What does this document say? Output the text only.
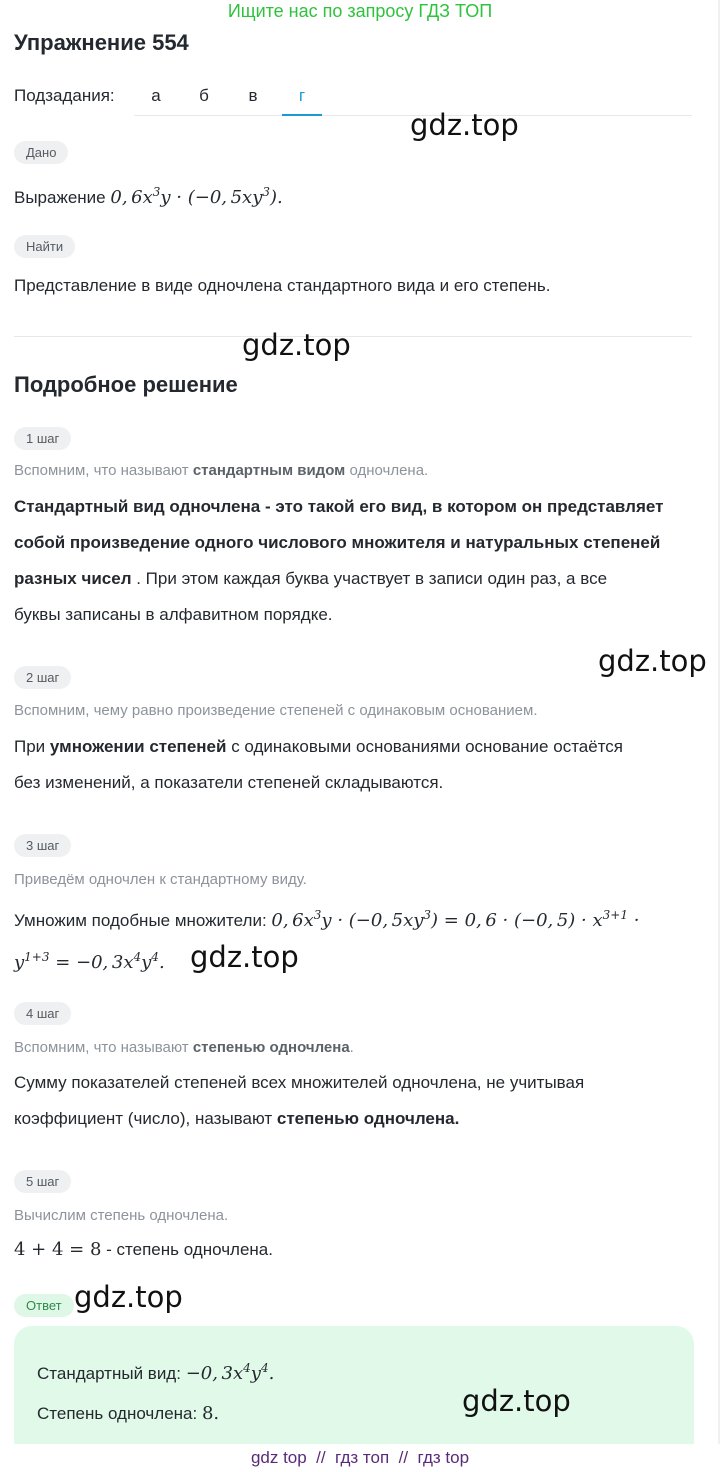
Ищите нас по запросу ГДЗ ТОП
Упражнение 554
Подзадания:	а	б	в	г
gdz.top
Дано
Выражение 0, $6x^3y \cdot (-0$, $5xy^3$).
Найти
Представление в виде одночлена стандартного вида и его степень.
gdz.top
Подробное решение
1 шаг
Вспомним, что называют стандартным видом одночлена.
Стандартный вид одночлена - это такой его вид, в котором он представляет
собой произведение одного числового множителя и натуральных степеней
разных чисел . При этом каждая буква участвует в записи один раз, а все
буквы записаны в алфавитном порядке.
gdz.top
2 шаг
Вспомним, чему равно произведение степеней с одинаковым основанием.
При умножении степеней с одинаковыми основаниями основание остаётся
без изменений, а показатели степеней складываются.
3 шаг
Приведём одночлен к стандартному виду.
Умножим подобные множители: 0, $6x^3y \cdot (-0$, $5xy^3) = 0$, 6 · (−0, $5) \cdot x^{3+1}$ ·
$y^{1+3} = -0$, $3x^4y^4$. gdz.top
4 шаг
Вспомним, что называют степенью одночлена.
Сумму показателей степеней всех множителей одночлена, не учитывая
коэффициент (число), называют степенью одночлена.
5 шаг
Вычислим степень одночлена.
4 + 4 = 8 - степень одночлена.
Ответ gdz.top
Стандартный вид: −0, $3x^4y^4$.
Степень одночлена: 8.	gdz.top
gdz top  //  гдз топ  //  гдз top
